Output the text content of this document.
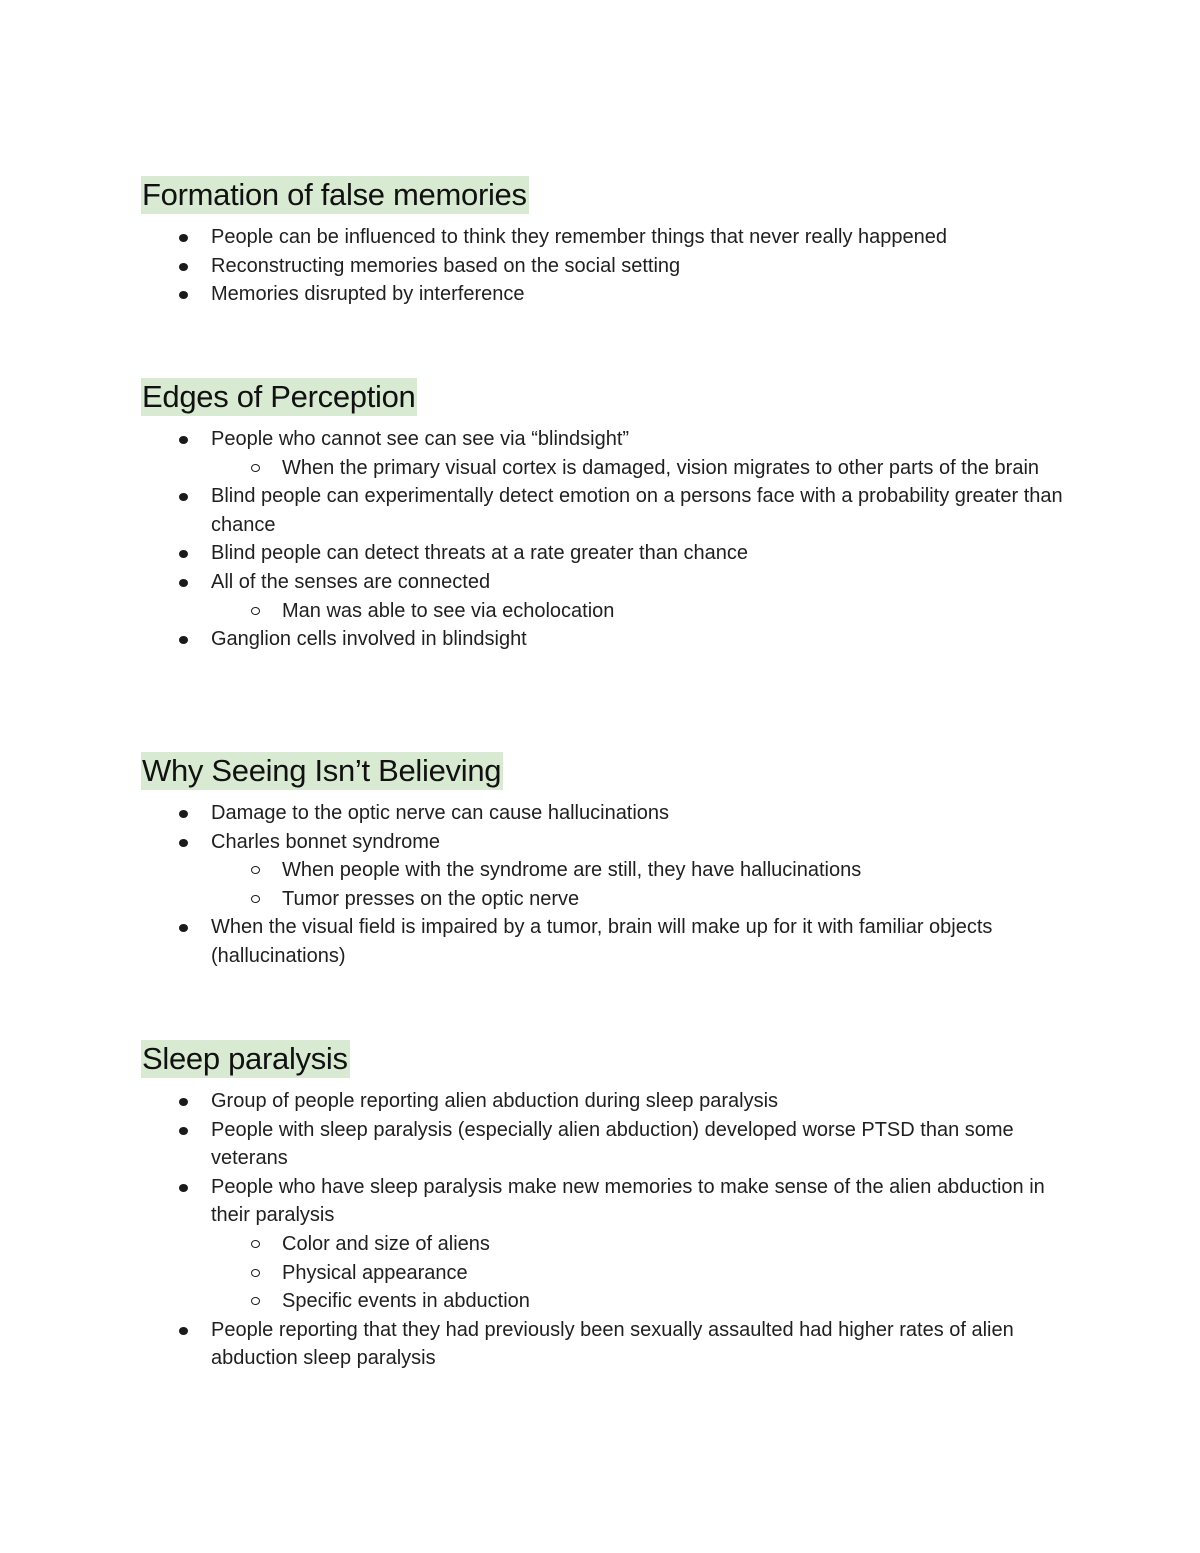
Formation of false memories
People can be influenced to think they remember things that never really happened
Reconstructing memories based on the social setting
Memories disrupted by interference
Edges of Perception
People who cannot see can see via “blindsight”
When the primary visual cortex is damaged, vision migrates to other parts of the brain
Blind people can experimentally detect emotion on a persons face with a probability greater than chance
Blind people can detect threats at a rate greater than chance
All of the senses are connected
Man was able to see via echolocation
Ganglion cells involved in blindsight
Why Seeing Isn’t Believing
Damage to the optic nerve can cause hallucinations
Charles bonnet syndrome
When people with the syndrome are still, they have hallucinations
Tumor presses on the optic nerve
When the visual field is impaired by a tumor, brain will make up for it with familiar objects (hallucinations)
Sleep paralysis
Group of people reporting alien abduction during sleep paralysis
People with sleep paralysis (especially alien abduction) developed worse PTSD than some veterans
People who have sleep paralysis make new memories to make sense of the alien abduction in their paralysis
Color and size of aliens
Physical appearance
Specific events in abduction
People reporting that they had previously been sexually assaulted had higher rates of alien abduction sleep paralysis
